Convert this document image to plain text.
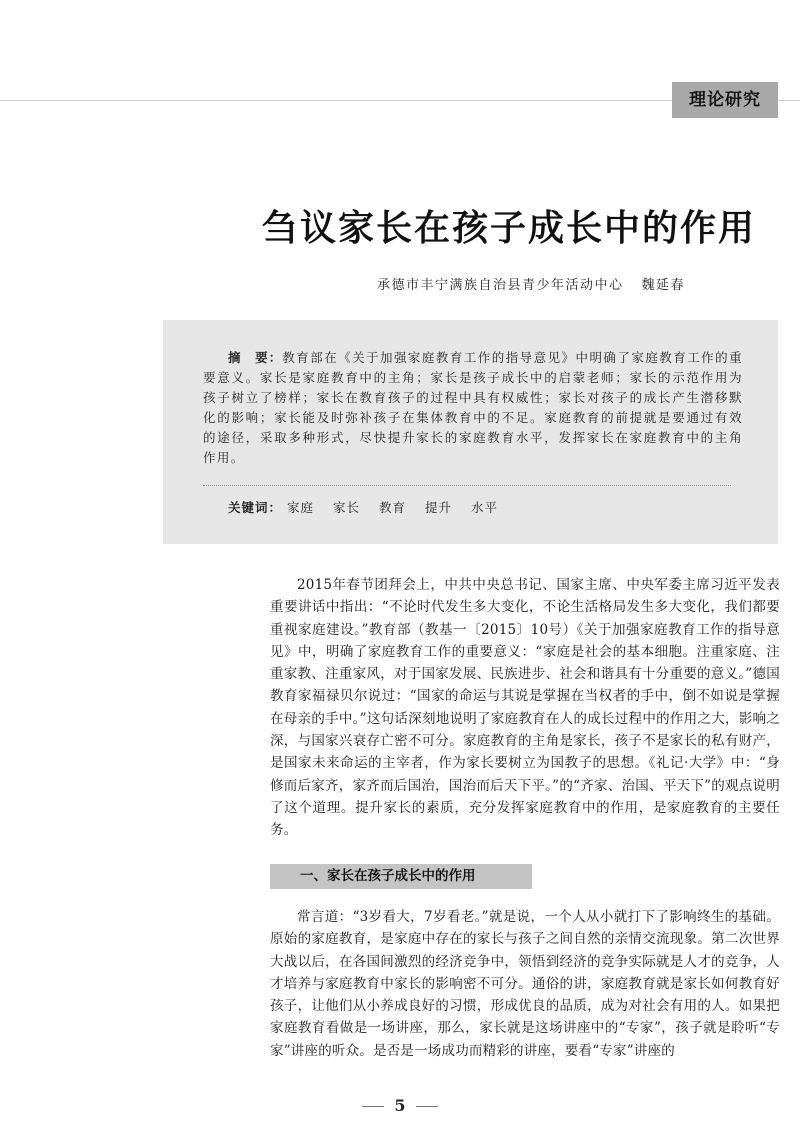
理论研究
刍议家长在孩子成长中的作用
承德市丰宁满族自治县青少年活动中心 魏延春

摘　要：教育部在《关于加强家庭教育工作的指导意见》中明确了家庭教育工作的重要意义。家长是家庭教育中的主角；家长是孩子成长中的启蒙老师；家长的示范作用为孩子树立了榜样；家长在教育孩子的过程中具有权威性；家长对孩子的成长产生潜移默化的影响；家长能及时弥补孩子在集体教育中的不足。家庭教育的前提就是要通过有效的途径，采取多种形式，尽快提升家长的家庭教育水平，发挥家长在家庭教育中的主角作用。

关键词： 家庭 家长 教育 提升 水平

2015年春节团拜会上，中共中央总书记、国家主席、中央军委主席习近平发表重要讲话中指出：“不论时代发生多大变化，不论生活格局发生多大变化，我们都要重视家庭建设。”教育部（教基一〔2015〕10号）《关于加强家庭教育工作的指导意见》中，明确了家庭教育工作的重要意义：“家庭是社会的基本细胞。注重家庭、注重家教、注重家风，对于国家发展、民族进步、社会和谐具有十分重要的意义。”德国教育家福禄贝尔说过：“国家的命运与其说是掌握在当权者的手中，倒不如说是掌握在母亲的手中。”这句话深刻地说明了家庭教育在人的成长过程中的作用之大，影响之深，与国家兴衰存亡密不可分。家庭教育的主角是家长，孩子不是家长的私有财产，是国家未来命运的主宰者，作为家长要树立为国教子的思想。《礼记·大学》中：“身修而后家齐，家齐而后国治，国治而后天下平。”的“齐家、治国、平天下”的观点说明了这个道理。提升家长的素质，充分发挥家庭教育中的作用，是家庭教育的主要任务。

一、家长在孩子成长中的作用

常言道：“3岁看大，7岁看老。”就是说，一个人从小就打下了影响终生的基础。原始的家庭教育，是家庭中存在的家长与孩子之间自然的亲情交流现象。第二次世界大战以后，在各国间激烈的经济竞争中，领悟到经济的竞争实际就是人才的竞争，人才培养与家庭教育中家长的影响密不可分。通俗的讲，家庭教育就是家长如何教育好孩子，让他们从小养成良好的习惯，形成优良的品质，成为对社会有用的人。如果把家庭教育看做是一场讲座，那么，家长就是这场讲座中的“专家”，孩子就是聆听“专家”讲座的听众。是否是一场成功而精彩的讲座，要看“专家”讲座的

5
